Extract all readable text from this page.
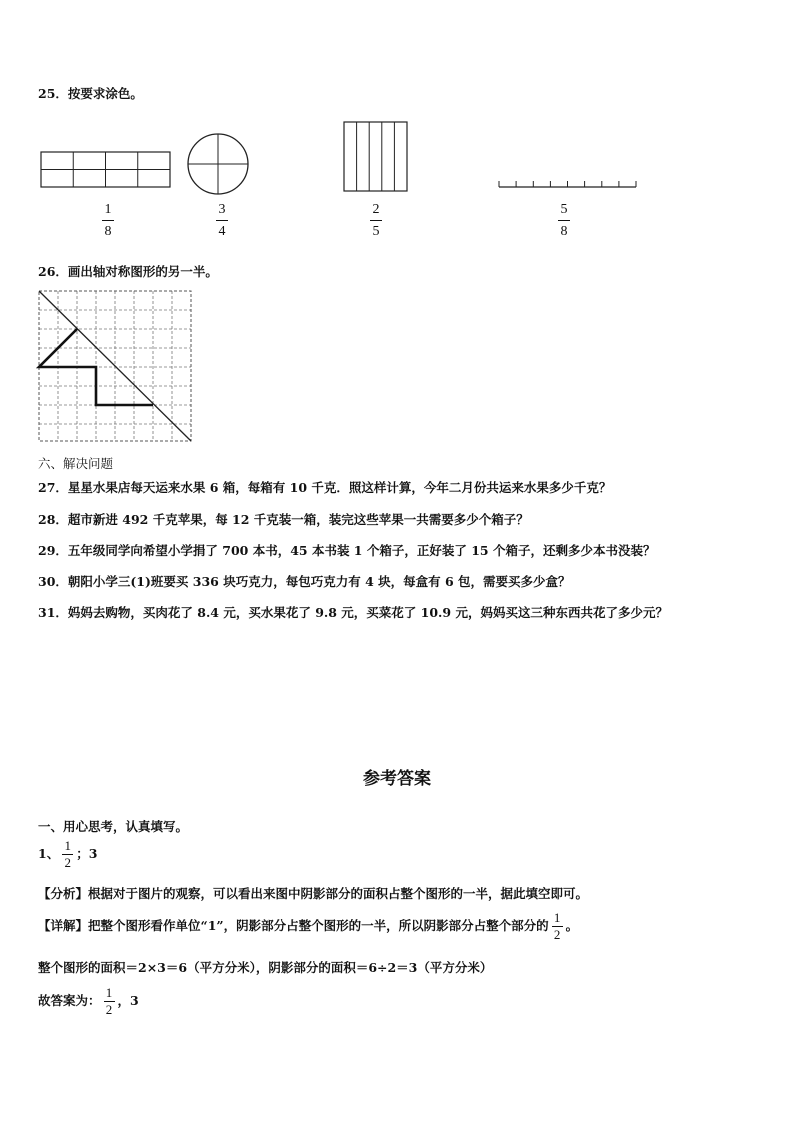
25．按要求涂色。
1
8
3
4
2
5
5
8
26．画出轴对称图形的另一半。
六、解决问题
27．星星水果店每天运来水果 6 箱，每箱有 10 千克．照这样计算，今年二月份共运来水果多少千克？
28．超市新进 492 千克苹果，每 12 千克装一箱，装完这些苹果一共需要多少个箱子？
29．五年级同学向希望小学捐了 700 本书，45 本书装 1 个箱子，正好装了 15 个箱子，还剩多少本书没装？
30．朝阳小学三(1)班要买 336 块巧克力，每包巧克力有 4 块，每盒有 6 包，需要买多少盒？
31．妈妈去购物，买肉花了 8.4 元，买水果花了 9.8 元，买菜花了 10.9 元，妈妈买这三种东西共花了多少元？
参考答案
一、用心思考，认真填写。
1、 $\frac{1}{2}$ ；3
【分析】根据对于图片的观察，可以看出来图中阴影部分的面积占整个图形的一半，据此填空即可。
【详解】把整个图形看作单位“1”，阴影部分占整个图形的一半，所以阴影部分占整个部分的 $\frac{1}{2}$ 。
整个图形的面积＝2×3＝6（平方分米），阴影部分的面积＝6÷2＝3（平方分米）
故答案为： $\frac{1}{2}$ ，3
